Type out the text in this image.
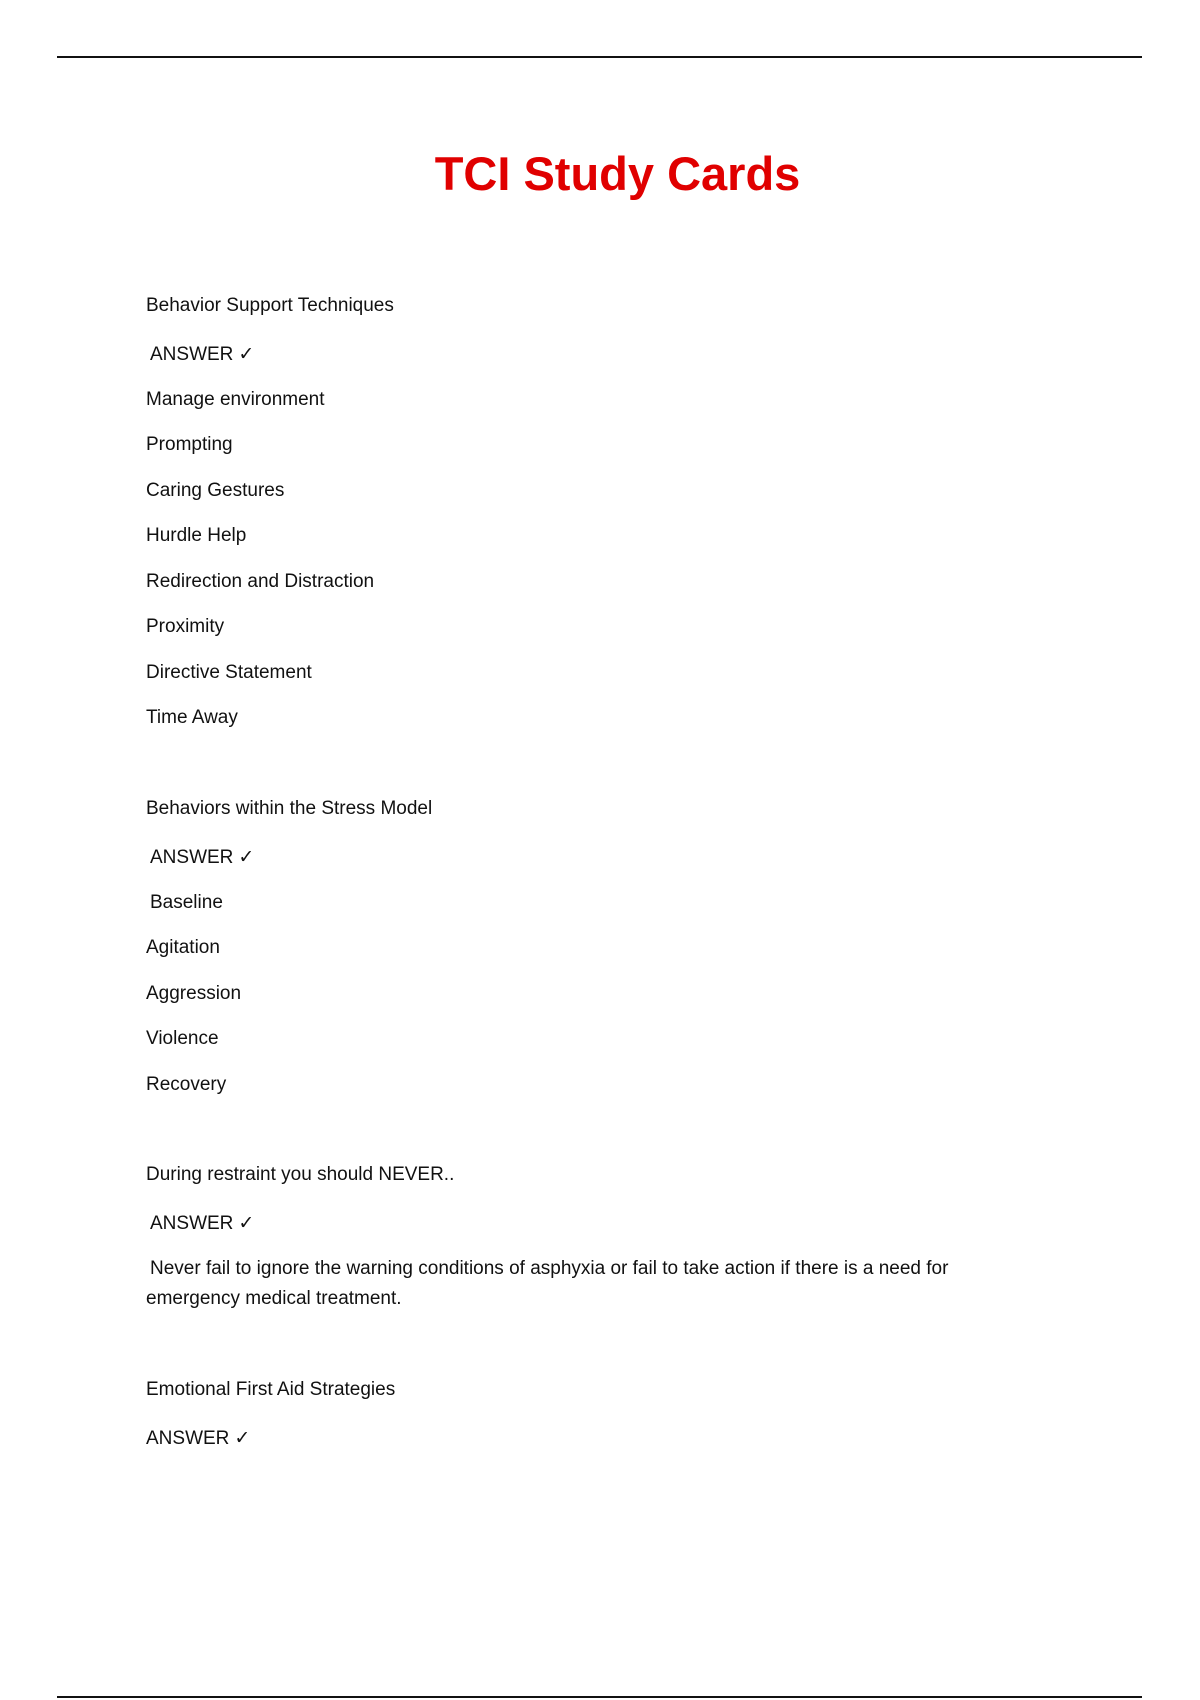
TCI Study Cards
Behavior Support Techniques
ANSWER ✓
Manage environment
Prompting
Caring Gestures
Hurdle Help
Redirection and Distraction
Proximity
Directive Statement
Time Away
Behaviors within the Stress Model
ANSWER ✓
Baseline
Agitation
Aggression
Violence
Recovery
During restraint you should NEVER..
ANSWER ✓
Never fail to ignore the warning conditions of asphyxia or fail to take action if there is a need for
emergency medical treatment.
Emotional First Aid Strategies
ANSWER ✓
